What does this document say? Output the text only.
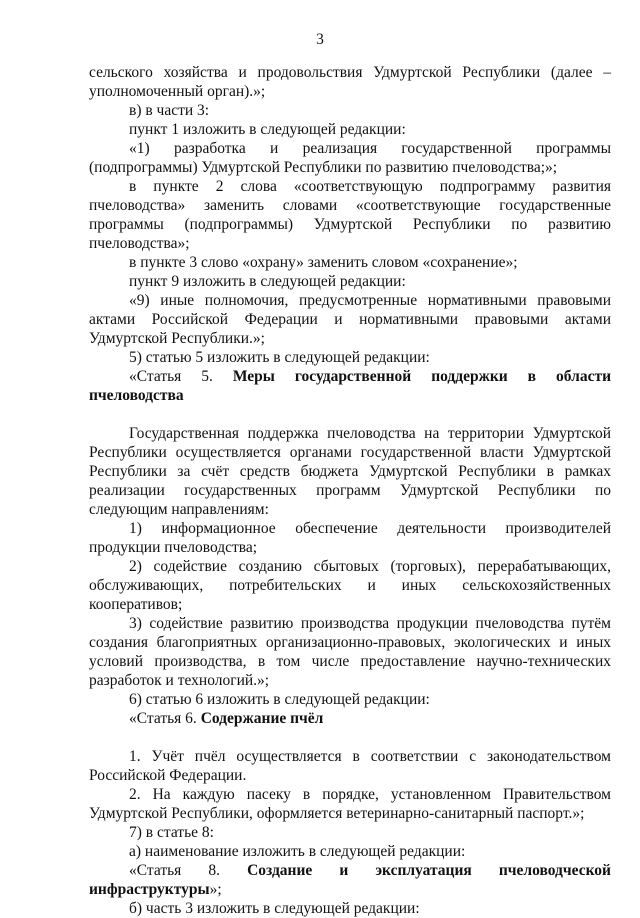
3

сельского хозяйства и продовольствия Удмуртской Республики (далее – уполномоченный орган).»;

в) в части 3:

пункт 1 изложить в следующей редакции:

«1) разработка и реализация государственной программы (подпрограммы) Удмуртской Республики по развитию пчеловодства;»;

в пункте 2 слова «соответствующую подпрограмму развития пчеловодства» заменить словами «соответствующие государственные программы (подпрограммы) Удмуртской Республики по развитию пчеловодства»;

в пункте 3 слово «охрану» заменить словом «сохранение»;

пункт 9 изложить в следующей редакции:

«9) иные полномочия, предусмотренные нормативными правовыми актами Российской Федерации и нормативными правовыми актами Удмуртской Республики.»;

5) статью 5 изложить в следующей редакции:

«Статья 5. Меры государственной поддержки в области пчеловодства

Государственная поддержка пчеловодства на территории Удмуртской Республики осуществляется органами государственной власти Удмуртской Республики за счёт средств бюджета Удмуртской Республики в рамках реализации государственных программ Удмуртской Республики по следующим направлениям:

1) информационное обеспечение деятельности производителей продукции пчеловодства;

2) содействие созданию сбытовых (торговых), перерабатывающих, обслуживающих, потребительских и иных сельскохозяйственных кооперативов;

3) содействие развитию производства продукции пчеловодства путём создания благоприятных организационно-правовых, экологических и иных условий производства, в том числе предоставление научно-технических разработок и технологий.»;

6) статью 6 изложить в следующей редакции:

«Статья 6. Содержание пчёл

1. Учёт пчёл осуществляется в соответствии с законодательством Российской Федерации.

2. На каждую пасеку в порядке, установленном Правительством Удмуртской Республики, оформляется ветеринарно-санитарный паспорт.»;

7) в статье 8:

а) наименование изложить в следующей редакции:

«Статья 8. Создание и эксплуатация пчеловодческой инфраструктуры»;

б) часть 3 изложить в следующей редакции:
